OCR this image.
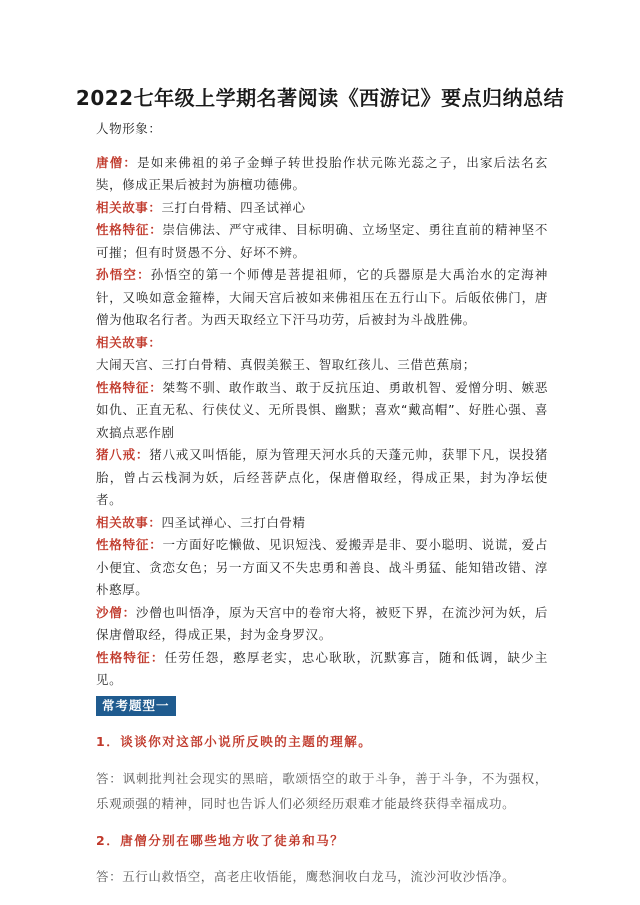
2022七年级上学期名著阅读《西游记》要点归纳总结

人物形象：

唐僧：是如来佛祖的弟子金蝉子转世投胎作状元陈光蕊之子，出家后法名玄奘，修成正果后被封为旃檀功德佛。

相关故事：三打白骨精、四圣试禅心

性格特征：崇信佛法、严守戒律、目标明确、立场坚定、勇往直前的精神坚不可摧；但有时贤愚不分、好坏不辨。

孙悟空：孙悟空的第一个师傅是菩提祖师，它的兵器原是大禹治水的定海神针，又唤如意金箍棒，大闹天宫后被如来佛祖压在五行山下。后皈依佛门，唐僧为他取名行者。为西天取经立下汗马功劳，后被封为斗战胜佛。

相关故事：

大闹天宫、三打白骨精、真假美猴王、智取红孩儿、三借芭蕉扇；

性格特征：桀骜不驯、敢作敢当、敢于反抗压迫、勇敢机智、爱憎分明、嫉恶如仇、正直无私、行侠仗义、无所畏惧、幽默；喜欢“戴高帽”、好胜心强、喜欢搞点恶作剧

猪八戒：猪八戒又叫悟能，原为管理天河水兵的天蓬元帅，获罪下凡，误投猪胎，曾占云栈洞为妖，后经菩萨点化，保唐僧取经，得成正果，封为净坛使者。

相关故事：四圣试禅心、三打白骨精

性格特征：一方面好吃懒做、见识短浅、爱搬弄是非、耍小聪明、说谎，爱占小便宜、贪恋女色；另一方面又不失忠勇和善良、战斗勇猛、能知错改错、淳朴憨厚。

沙僧：沙僧也叫悟净，原为天宫中的卷帘大将，被贬下界，在流沙河为妖，后保唐僧取经，得成正果，封为金身罗汉。

性格特征：任劳任怨，憨厚老实，忠心耿耿，沉默寡言，随和低调，缺少主见。

常考题型一

1．谈谈你对这部小说所反映的主题的理解。

答：讽刺批判社会现实的黑暗，歌颂悟空的敢于斗争，善于斗争，不为强权，乐观顽强的精神，同时也告诉人们必须经历艰难才能最终获得幸福成功。

2．唐僧分别在哪些地方收了徒弟和马？

答：五行山救悟空，高老庄收悟能，鹰愁涧收白龙马，流沙河收沙悟净。
